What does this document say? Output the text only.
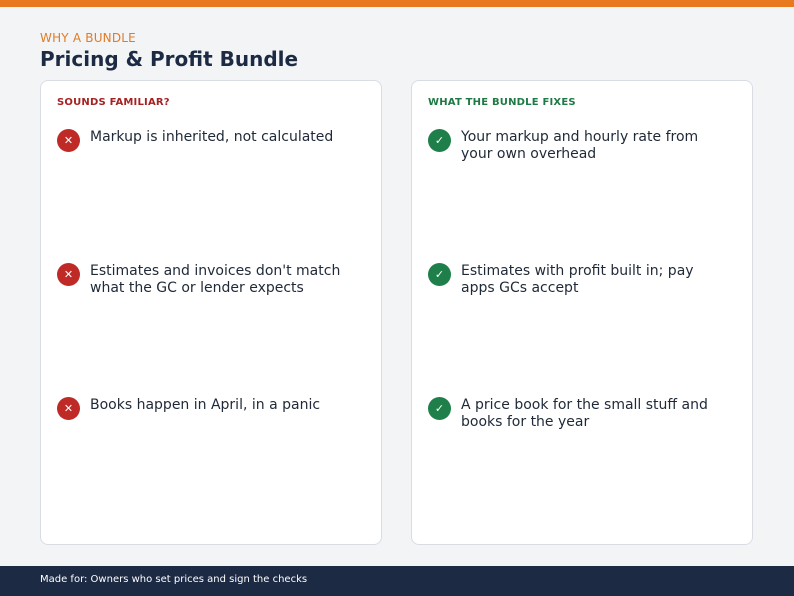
WHY A BUNDLE
Pricing & Profit Bundle
SOUNDS FAMILIAR?
✕	Markup is inherited, not calculated
✕	Estimates and invoices don't match what the GC or lender expects
✕	Books happen in April, in a panic
WHAT THE BUNDLE FIXES
✓	Your markup and hourly rate from your own overhead
✓	Estimates with profit built in; pay apps GCs accept
✓	A price book for the small stuff and books for the year
Made for: Owners who set prices and sign the checks
